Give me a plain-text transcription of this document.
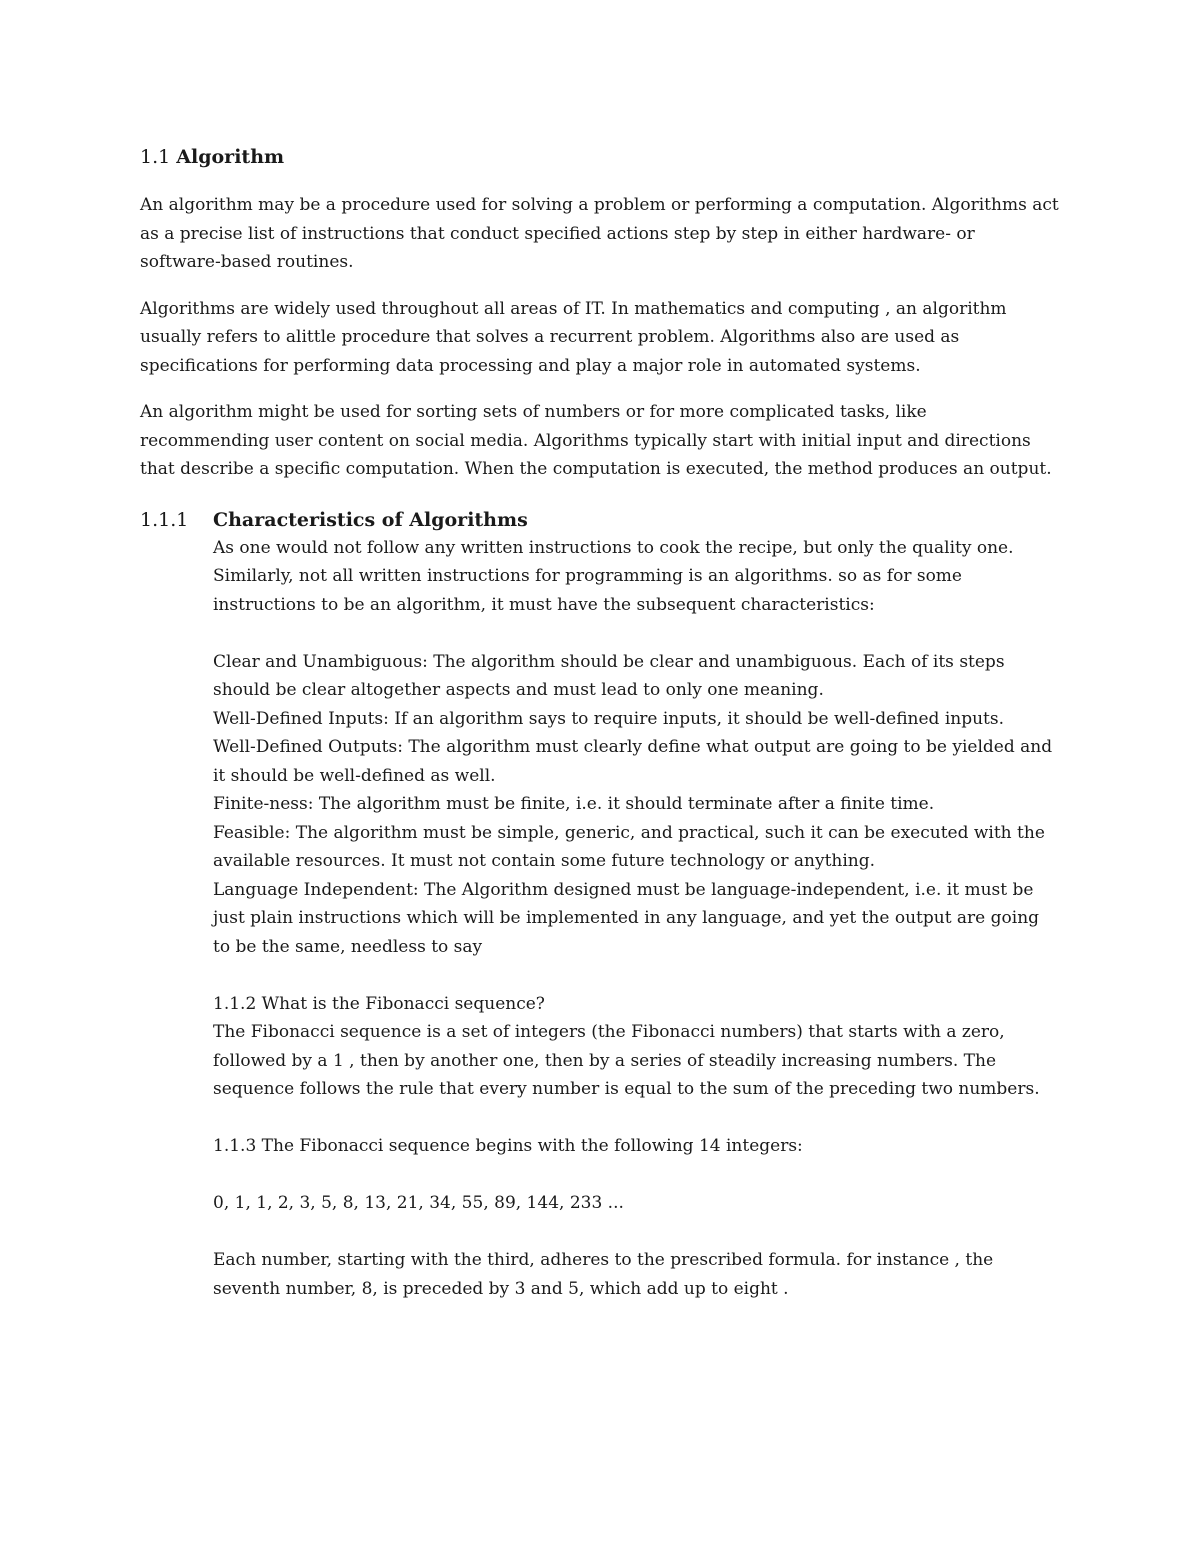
1.1 Algorithm

An algorithm may be a procedure used for solving a problem or performing a computation. Algorithms act as a precise list of instructions that conduct specified actions step by step in either hardware- or software-based routines.

Algorithms are widely used throughout all areas of IT. In mathematics and computing , an algorithm usually refers to alittle procedure that solves a recurrent problem. Algorithms also are used as specifications for performing data processing and play a major role in automated systems.

An algorithm might be used for sorting sets of numbers or for more complicated tasks, like recommending user content on social media. Algorithms typically start with initial input and directions that describe a specific computation. When the computation is executed, the method produces an output.

1.1.1	Characteristics of Algorithms
As one would not follow any written instructions to cook the recipe, but only the quality one. Similarly, not all written instructions for programming is an algorithms. so as for some instructions to be an algorithm, it must have the subsequent characteristics:
Clear and Unambiguous: The algorithm should be clear and unambiguous. Each of its steps should be clear altogether aspects and must lead to only one meaning.
Well-Defined Inputs: If an algorithm says to require inputs, it should be well-defined inputs.
Well-Defined Outputs: The algorithm must clearly define what output are going to be yielded and it should be well-defined as well.
Finite-ness: The algorithm must be finite, i.e. it should terminate after a finite time.
Feasible: The algorithm must be simple, generic, and practical, such it can be executed with the available resources. It must not contain some future technology or anything.
Language Independent: The Algorithm designed must be language-independent, i.e. it must be just plain instructions which will be implemented in any language, and yet the output are going to be the same, needless to say
1.1.2 What is the Fibonacci sequence?
The Fibonacci sequence is a set of integers (the Fibonacci numbers) that starts with a zero, followed by a 1 , then by another one, then by a series of steadily increasing numbers. The sequence follows the rule that every number is equal to the sum of the preceding two numbers.
1.1.3 The Fibonacci sequence begins with the following 14 integers:
0, 1, 1, 2, 3, 5, 8, 13, 21, 34, 55, 89, 144, 233 ...
Each number, starting with the third, adheres to the prescribed formula. for instance , the seventh number, 8, is preceded by 3 and 5, which add up to eight .
